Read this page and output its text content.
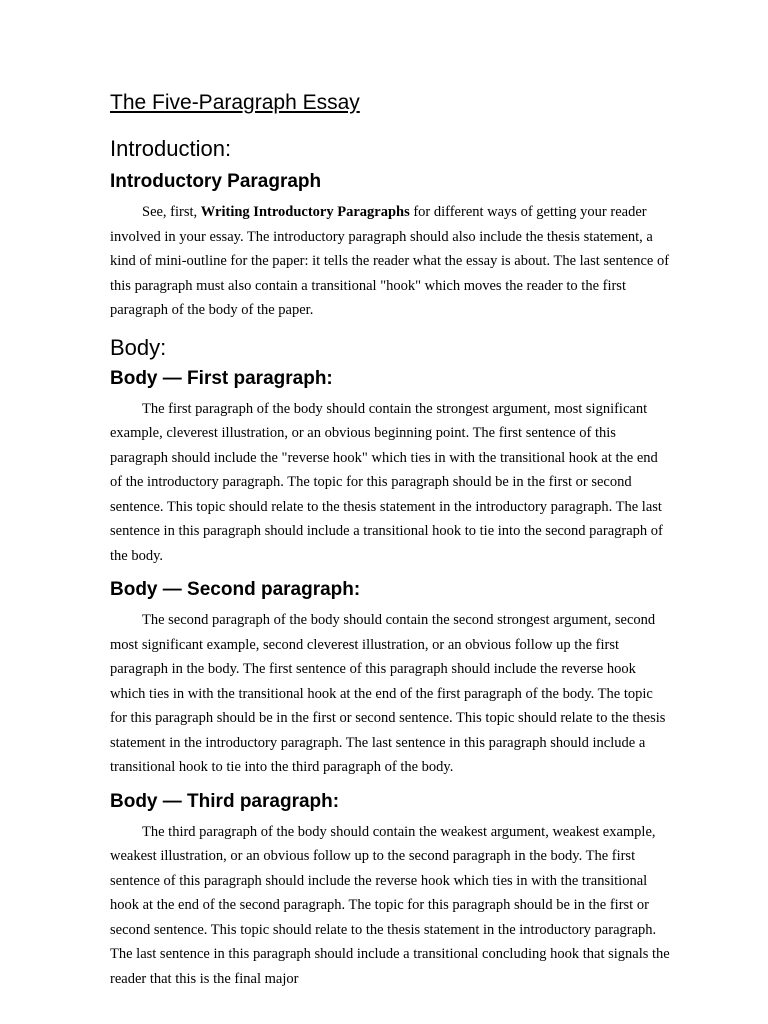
The Five-Paragraph Essay
Introduction:
Introductory Paragraph

See, first, Writing Introductory Paragraphs for different ways of getting your reader involved in your essay. The introductory paragraph should also include the thesis statement, a kind of mini-outline for the paper: it tells the reader what the essay is about. The last sentence of this paragraph must also contain a transitional "hook" which moves the reader to the first paragraph of the body of the paper.

Body:
Body — First paragraph:

The first paragraph of the body should contain the strongest argument, most significant example, cleverest illustration, or an obvious beginning point. The first sentence of this paragraph should include the "reverse hook" which ties in with the transitional hook at the end of the introductory paragraph. The topic for this paragraph should be in the first or second sentence. This topic should relate to the thesis statement in the introductory paragraph. The last sentence in this paragraph should include a transitional hook to tie into the second paragraph of the body.

Body — Second paragraph:

The second paragraph of the body should contain the second strongest argument, second most significant example, second cleverest illustration, or an obvious follow up the first paragraph in the body. The first sentence of this paragraph should include the reverse hook which ties in with the transitional hook at the end of the first paragraph of the body. The topic for this paragraph should be in the first or second sentence. This topic should relate to the thesis statement in the introductory paragraph. The last sentence in this paragraph should include a transitional hook to tie into the third paragraph of the body.

Body — Third paragraph:

The third paragraph of the body should contain the weakest argument, weakest example, weakest illustration, or an obvious follow up to the second paragraph in the body. The first sentence of this paragraph should include the reverse hook which ties in with the transitional hook at the end of the second paragraph. The topic for this paragraph should be in the first or second sentence. This topic should relate to the thesis statement in the introductory paragraph. The last sentence in this paragraph should include a transitional concluding hook that signals the reader that this is the final major
